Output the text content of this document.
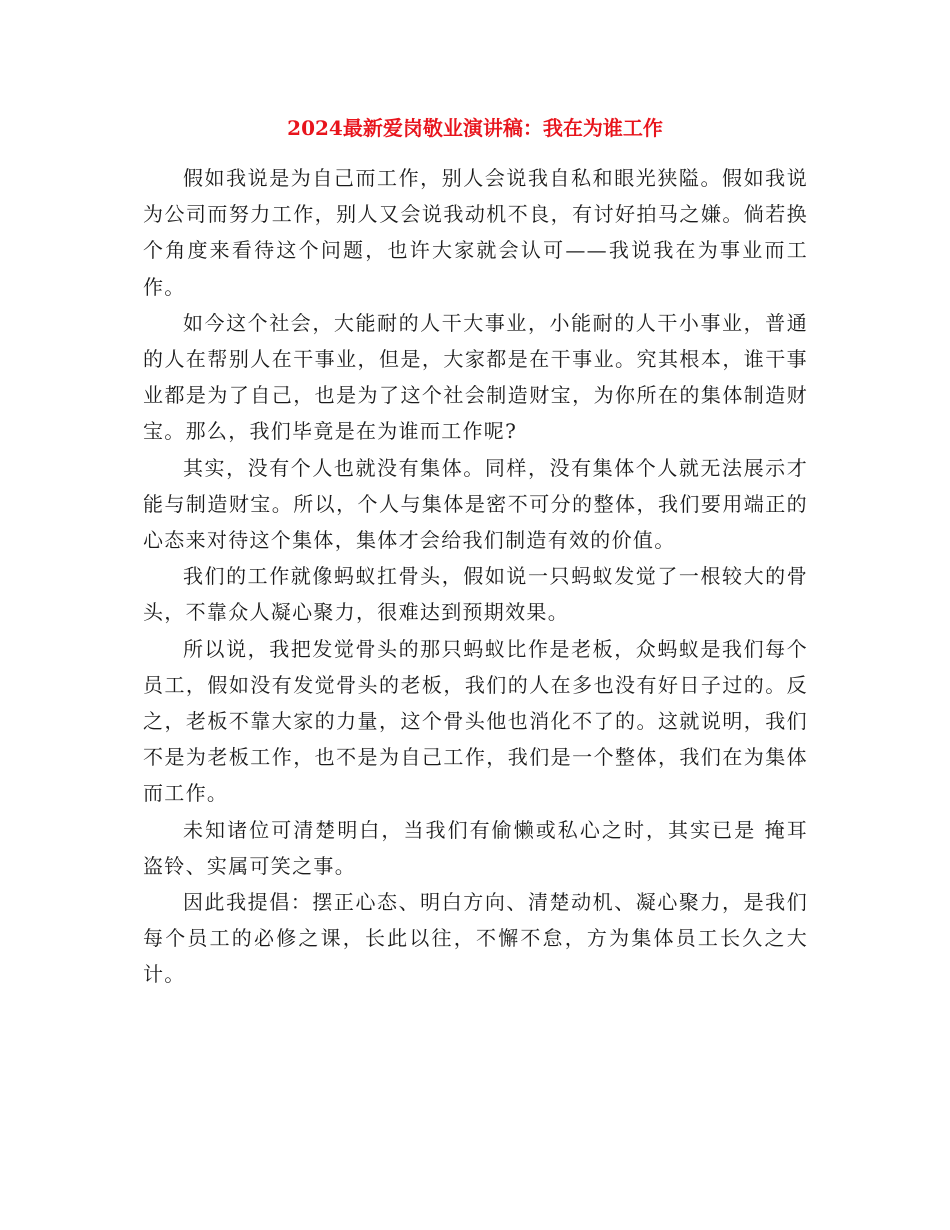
2024最新爱岗敬业演讲稿：我在为谁工作

假如我说是为自己而工作，别人会说我自私和眼光狭隘。假如我说为公司而努力工作，别人又会说我动机不良，有讨好拍马之嫌。倘若换个角度来看待这个问题，也许大家就会认可——我说我在为事业而工作。

如今这个社会，大能耐的人干大事业，小能耐的人干小事业，普通的人在帮别人在干事业，但是，大家都是在干事业。究其根本，谁干事业都是为了自己，也是为了这个社会制造财宝，为你所在的集体制造财宝。那么，我们毕竟是在为谁而工作呢?

其实，没有个人也就没有集体。同样，没有集体个人就无法展示才能与制造财宝。所以，个人与集体是密不可分的整体，我们要用端正的心态来对待这个集体，集体才会给我们制造有效的价值。

我们的工作就像蚂蚁扛骨头，假如说一只蚂蚁发觉了一根较大的骨头，不靠众人凝心聚力，很难达到预期效果。

所以说，我把发觉骨头的那只蚂蚁比作是老板，众蚂蚁是我们每个员工，假如没有发觉骨头的老板，我们的人在多也没有好日子过的。反之，老板不靠大家的力量，这个骨头他也消化不了的。这就说明，我们不是为老板工作，也不是为自己工作，我们是一个整体，我们在为集体而工作。

未知诸位可清楚明白，当我们有偷懒或私心之时，其实已是 掩耳盗铃、实属可笑之事。

因此我提倡：摆正心态、明白方向、清楚动机、凝心聚力，是我们每个员工的必修之课，长此以往，不懈不怠，方为集体员工长久之大计。
